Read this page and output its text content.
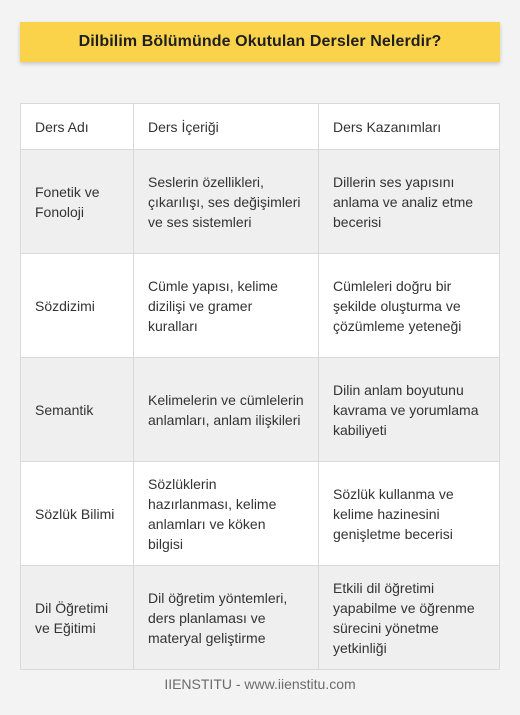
Dilbilim Bölümünde Okutulan Dersler Nelerdir?
Ders Adı	Ders İçeriği	Ders Kazanımları
Fonetik ve Fonoloji	Seslerin özellikleri, çıkarılışı, ses değişimleri ve ses sistemleri	Dillerin ses yapısını anlama ve analiz etme becerisi
Sözdizimi	Cümle yapısı, kelime dizilişi ve gramer kuralları	Cümleleri doğru bir şekilde oluşturma ve çözümleme yeteneği
Semantik	Kelimelerin ve cümlelerin anlamları, anlam ilişkileri	Dilin anlam boyutunu kavrama ve yorumlama kabiliyeti
Sözlük Bilimi	Sözlüklerin hazırlanması, kelime anlamları ve köken bilgisi	Sözlük kullanma ve kelime hazinesini genişletme becerisi
Dil Öğretimi ve Eğitimi	Dil öğretim yöntemleri, ders planlaması ve materyal geliştirme	Etkili dil öğretimi yapabilme ve öğrenme sürecini yönetme yetkinliği
IIENSTITU - www.iienstitu.com
